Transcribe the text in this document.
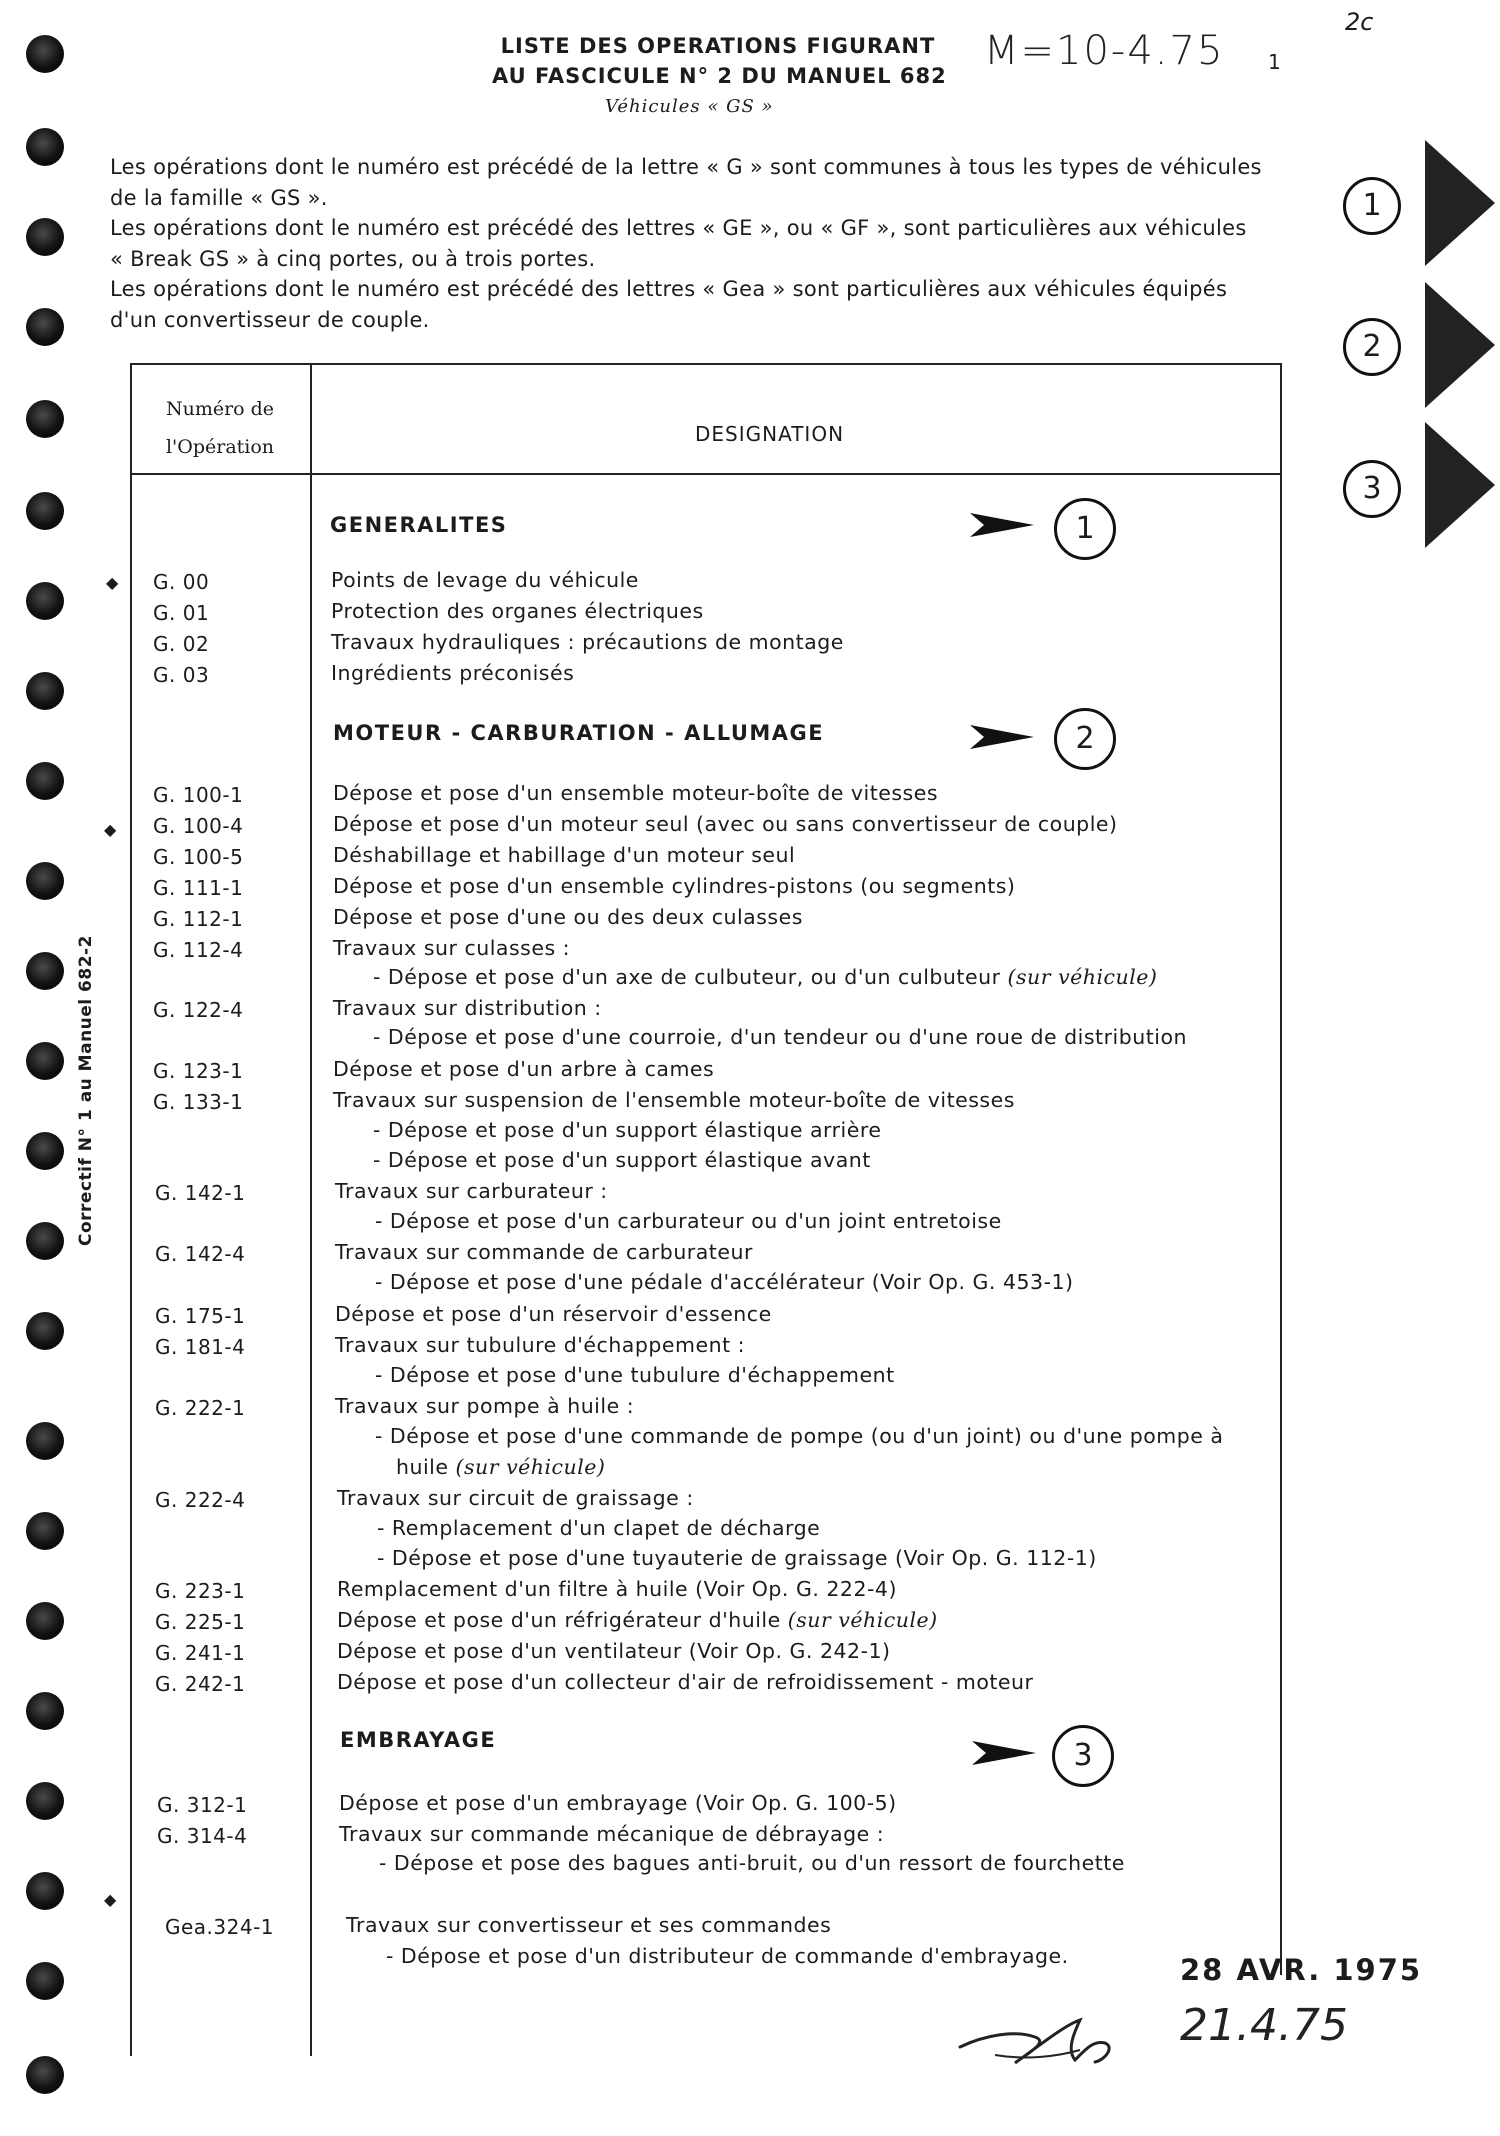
◆
◆
◆
Correctif N° 1 au Manuel 682-2
LISTE DES OPERATIONS FIGURANT
AU FASCICULE N° 2 DU MANUEL 682
Véhicules « GS »
M=10-4.75 1
2c

Les opérations dont le numéro est précédé de la lettre « G » sont communes à tous les types de véhicules

de la famille « GS ».

Les opérations dont le numéro est précédé des lettres « GE », ou « GF », sont particulières aux véhicules

« Break GS » à cinq portes, ou à trois portes.

Les opérations dont le numéro est précédé des lettres « Gea » sont particulières aux véhicules équipés

d'un convertisseur de couple.

1
2
3
Numéro de
l'Opération
DESIGNATION
GENERALITES
MOTEUR - CARBURATION - ALLUMAGE
EMBRAYAGE
1
2
3
G. 00	Points de levage du véhicule
G. 01	Protection des organes électriques
G. 02	Travaux hydrauliques : précautions de montage
G. 03	Ingrédients préconisés
G. 100-1	Dépose et pose d'un ensemble moteur-boîte de vitesses
G. 100-4	Dépose et pose d'un moteur seul (avec ou sans convertisseur de couple)
G. 100-5	Déshabillage et habillage d'un moteur seul
G. 111-1	Dépose et pose d'un ensemble cylindres-pistons (ou segments)
G. 112-1	Dépose et pose d'une ou des deux culasses
G. 112-4	Travaux sur culasses :
- Dépose et pose d'un axe de culbuteur, ou d'un culbuteur (sur véhicule)
G. 122-4	Travaux sur distribution :
- Dépose et pose d'une courroie, d'un tendeur ou d'une roue de distribution
G. 123-1	Dépose et pose d'un arbre à cames
G. 133-1	Travaux sur suspension de l'ensemble moteur-boîte de vitesses
- Dépose et pose d'un support élastique arrière
- Dépose et pose d'un support élastique avant
G. 142-1	Travaux sur carburateur :
- Dépose et pose d'un carburateur ou d'un joint entretoise
G. 142-4	Travaux sur commande de carburateur
- Dépose et pose d'une pédale d'accélérateur (Voir Op. G. 453-1)
G. 175-1	Dépose et pose d'un réservoir d'essence
G. 181-4	Travaux sur tubulure d'échappement :
- Dépose et pose d'une tubulure d'échappement
G. 222-1	Travaux sur pompe à huile :
- Dépose et pose d'une commande de pompe (ou d'un joint) ou d'une pompe à
huile (sur véhicule)
G. 222-4	Travaux sur circuit de graissage :
- Remplacement d'un clapet de décharge
- Dépose et pose d'une tuyauterie de graissage (Voir Op. G. 112-1)
G. 223-1	Remplacement d'un filtre à huile (Voir Op. G. 222-4)
G. 225-1	Dépose et pose d'un réfrigérateur d'huile (sur véhicule)
G. 241-1	Dépose et pose d'un ventilateur (Voir Op. G. 242-1)
G. 242-1	Dépose et pose d'un collecteur d'air de refroidissement - moteur
G. 312-1	Dépose et pose d'un embrayage (Voir Op. G. 100-5)
G. 314-4	Travaux sur commande mécanique de débrayage :
- Dépose et pose des bagues anti-bruit, ou d'un ressort de fourchette
Gea.324-1	Travaux sur convertisseur et ses commandes
- Dépose et pose d'un distributeur de commande d'embrayage.	28 AVR. 1975
21.4.75
